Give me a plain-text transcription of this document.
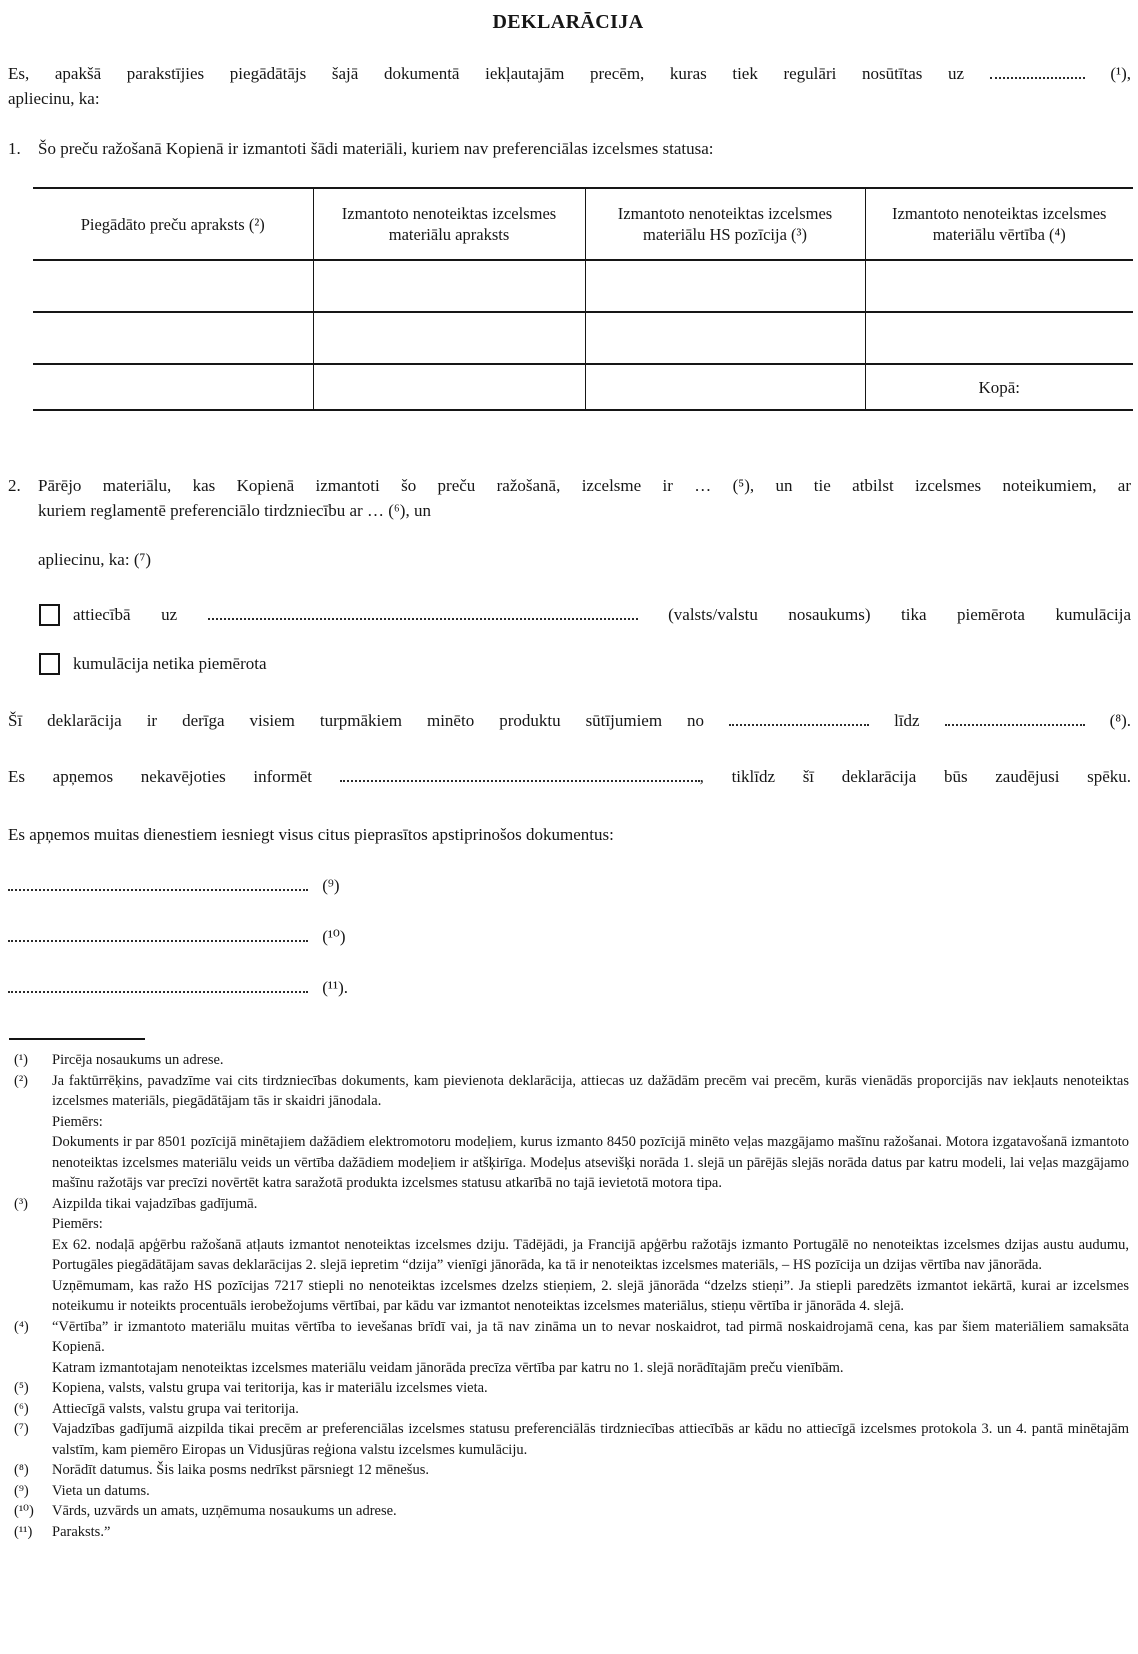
DEKLARĀCIJA
Es, apakšā parakstījies piegādātājs šajā dokumentā iekļautajām precēm, kuras tiek regulāri nosūtītas uz	(¹),
apliecinu, ka:
1.	Šo preču ražošanā Kopienā ir izmantoti šādi materiāli, kuriem nav preferenciālas izcelsmes statusa:
Piegādāto preču apraksts (²)	Izmantoto nenoteiktas izcelsmes materiālu apraksts	Izmantoto nenoteiktas izcelsmes materiālu HS pozīcija (³)	Izmantoto nenoteiktas izcelsmes materiālu vērtība (⁴)

			Kopā:
2.	Pārējo materiālu, kas Kopienā izmantoti šo preču ražošanā, izcelsme ir … (⁵), un tie atbilst izcelsmes noteikumiem, ar
kuriem reglamentē preferenciālo tirdzniecību ar … (⁶), un
apliecinu, ka: (⁷)
attiecībā uz	(valsts/valstu nosaukums) tika piemērota kumulācija
kumulācija netika piemērota
Šī deklarācija ir derīga visiem turpmākiem minēto produktu sūtījumiem no	līdz	(⁸).
Es apņemos nekavējoties informēt	, tiklīdz šī deklarācija būs zaudējusi spēku.
Es apņemos muitas dienestiem iesniegt visus citus pieprasītos apstiprinošos dokumentus:
(⁹)
(¹⁰)
(¹¹).
(¹)	Pircēja nosaukums un adrese.

(²)	Ja faktūrrēķins, pavadzīme vai cits tirdzniecības dokuments, kam pievienota deklarācija, attiecas uz dažādām precēm vai precēm, kurās vienādās proporcijās nav iekļauts nenoteiktas izcelsmes materiāls, piegādātājam tās ir skaidri jānodala.

Piemērs:

Dokuments ir par 8501 pozīcijā minētajiem dažādiem elektromotoru modeļiem, kurus izmanto 8450 pozīcijā minēto veļas mazgājamo mašīnu ražošanai. Motora izgatavošanā izmantoto nenoteiktas izcelsmes materiālu veids un vērtība dažādiem modeļiem ir atšķirīga. Modeļus atsevišķi norāda 1. slejā un pārējās slejās norāda datus par katru modeli, lai veļas mazgājamo mašīnu ražotājs var precīzi novērtēt katra saražotā produkta izcelsmes statusu atkarībā no tajā ievietotā motora tipa.

(³)	Aizpilda tikai vajadzības gadījumā.

Piemērs:

Ex 62. nodaļā apģērbu ražošanā atļauts izmantot nenoteiktas izcelsmes dziju. Tādējādi, ja Francijā apģērbu ražotājs izmanto Portugālē no nenoteiktas izcelsmes dzijas austu audumu, Portugāles piegādātājam savas deklarācijas 2. slejā iepretim “dzija” vienīgi jānorāda, ka tā ir nenoteiktas izcelsmes materiāls, – HS pozīcija un dzijas vērtība nav jānorāda.

Uzņēmumam, kas ražo HS pozīcijas 7217 stiepli no nenoteiktas izcelsmes dzelzs stieņiem, 2. slejā jānorāda “dzelzs stieņi”. Ja stiepli paredzēts izmantot iekārtā, kurai ar izcelsmes noteikumu ir noteikts procentuāls ierobežojums vērtībai, par kādu var izmantot nenoteiktas izcelsmes materiālus, stieņu vērtība ir jānorāda 4. slejā.

(⁴)	“Vērtība” ir izmantoto materiālu muitas vērtība to ievešanas brīdī vai, ja tā nav zināma un to nevar noskaidrot, tad pirmā noskaidrojamā cena, kas par šiem materiāliem samaksāta Kopienā.

Katram izmantotajam nenoteiktas izcelsmes materiālu veidam jānorāda precīza vērtība par katru no 1. slejā norādītajām preču vienībām.

(⁵)	Kopiena, valsts, valstu grupa vai teritorija, kas ir materiālu izcelsmes vieta.

(⁶)	Attiecīgā valsts, valstu grupa vai teritorija.

(⁷)	Vajadzības gadījumā aizpilda tikai precēm ar preferenciālas izcelsmes statusu preferenciālās tirdzniecības attiecībās ar kādu no attiecīgā izcelsmes protokola 3. un 4. pantā minētajām valstīm, kam piemēro Eiropas un Vidusjūras reģiona valstu izcelsmes kumulāciju.

(⁸)	Norādīt datumus. Šis laika posms nedrīkst pārsniegt 12 mēnešus.

(⁹)	Vieta un datums.

(¹⁰)	Vārds, uzvārds un amats, uzņēmuma nosaukums un adrese.

(¹¹)	Paraksts.”
